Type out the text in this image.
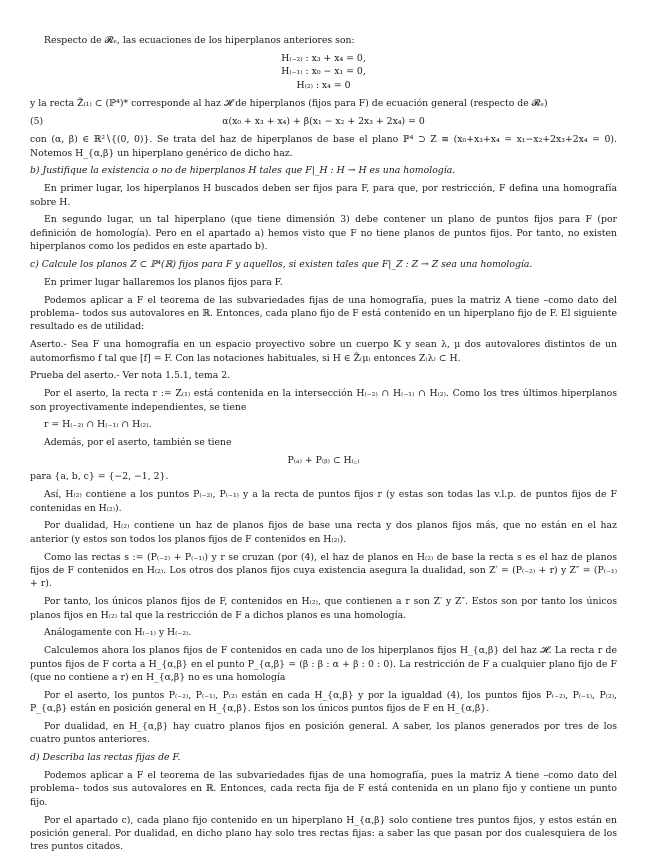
Respecto de 𝓡ₑ, las ecuaciones de los hiperplanos anteriores son:

H₍₋₂₎ : x₃ + x₄ = 0,
H₍₋₁₎ : x₀ − x₁ = 0,
H₍₂₎ : x₄ = 0

y la recta Z̃₍₁₎ ⊂ (ℙ⁴)* corresponde al haz 𝓗 de hiperplanos (fijos para F) de ecuación general (respecto de 𝓡ₑ)

(5)	α(x₀ + x₃ + x₄) + β(x₁ − x₂ + 2x₃ + 2x₄) = 0

con (α, β) ∈ ℝ²∖{(0, 0)}. Se trata del haz de hiperplanos de base el plano ℙ⁴ ⊃ Z ≡ (x₀+x₃+x₄ = x₁−x₂+2x₃+2x₄ = 0). Notemos H_{α,β} un hiperplano genérico de dicho haz.

b) Justifique la existencia o no de hiperplanos H tales que F|_H : H → H es una homología.

En primer lugar, los hiperplanos H buscados deben ser fijos para F, para que, por restricción, F defina una homografía sobre H.

En segundo lugar, un tal hiperplano (que tiene dimensión 3) debe contener un plano de puntos fijos para F (por definición de homología). Pero en el apartado a) hemos visto que F no tiene planos de puntos fijos. Por tanto, no existen hiperplanos como los pedidos en este apartado b).

c) Calcule los planos Z ⊂ ℙ⁴(ℝ) fijos para F y aquellos, si existen tales que F|_Z : Z → Z sea una homología.

En primer lugar hallaremos los planos fijos para F.

Podemos aplicar a F el teorema de las subvariedades fijas de una homografía, pues la matriz A tiene –como dato del problema– todos sus autovalores en ℝ. Entonces, cada plano fijo de F está contenido en un hiperplano fijo de F. El siguiente resultado es de utilidad:

Aserto.- Sea F una homografía en un espacio proyectivo sobre un cuerpo 𝕂 y sean λ, μ dos autovalores distintos de un automorfismo f tal que [f] = F. Con las notaciones habituales, si H ∈ Z̃₍μ₎ entonces Z₍λ₎ ⊂ H.

Prueba del aserto.- Ver nota 1.5.1, tema 2.

Por el aserto, la recta r := Z₍₁₎ está contenida en la intersección H₍₋₂₎ ∩ H₍₋₁₎ ∩ H₍₂₎. Como los tres últimos hiperplanos son proyectivamente independientes, se tiene

r = H₍₋₂₎ ∩ H₍₋₁₎ ∩ H₍₂₎.

Además, por el aserto, también se tiene

P₍ₐ₎ + P₍ᵦ₎ ⊂ H₍꜀₎

para {a, b, c} = {−2, −1, 2}.

Así, H₍₂₎ contiene a los puntos P₍₋₂₎, P₍₋₁₎ y a la recta de puntos fijos r (y estas son todas las v.l.p. de puntos fijos de F contenidas en H₍₂₎).

Por dualidad, H₍₂₎ contiene un haz de planos fijos de base una recta y dos planos fijos más, que no están en el haz anterior (y estos son todos los planos fijos de F contenidos en H₍₂₎).

Como las rectas s := (P₍₋₂₎ + P₍₋₁₎) y r se cruzan (por (4), el haz de planos en H₍₂₎ de base la recta s es el haz de planos fijos de F contenidos en H₍₂₎. Los otros dos planos fijos cuya existencia asegura la dualidad, son Z′ = (P₍₋₂₎ + r) y Z″ = (P₍₋₁₎ + r).

Por tanto, los únicos planos fijos de F, contenidos en H₍₂₎, que contienen a r son Z′ y Z″. Estos son por tanto los únicos planos fijos en H₍₂₎ tal que la restricción de F a dichos planos es una homología.

Análogamente con H₍₋₁₎ y H₍₋₂₎.

Calculemos ahora los planos fijos de F contenidos en cada uno de los hiperplanos fijos H_{α,β} del haz 𝓗. La recta r de puntos fijos de F corta a H_{α,β} en el punto P_{α,β} = (β : β : α + β : 0 : 0). La restricción de F a cualquier plano fijo de F (que no contiene a r) en H_{α,β} no es una homología

Por el aserto, los puntos P₍₋₂₎, P₍₋₁₎, P₍₂₎ están en cada H_{α,β} y por la igualdad (4), los puntos fijos P₍₋₂₎, P₍₋₁₎, P₍₂₎, P_{α,β} están en posición general en H_{α,β}. Estos son los únicos puntos fijos de F en H_{α,β}.

Por dualidad, en H_{α,β} hay cuatro planos fijos en posición general. A saber, los planos generados por tres de los cuatro puntos anteriores.

d) Describa las rectas fijas de F.

Podemos aplicar a F el teorema de las subvariedades fijas de una homografía, pues la matriz A tiene –como dato del problema– todos sus autovalores en ℝ. Entonces, cada recta fija de F está contenida en un plano fijo y contiene un punto fijo.

Por el apartado c), cada plano fijo contenido en un hiperplano H_{α,β} solo contiene tres puntos fijos, y estos están en posición general. Por dualidad, en dicho plano hay solo tres rectas fijas: a saber las que pasan por dos cualesquiera de los tres puntos citados.
